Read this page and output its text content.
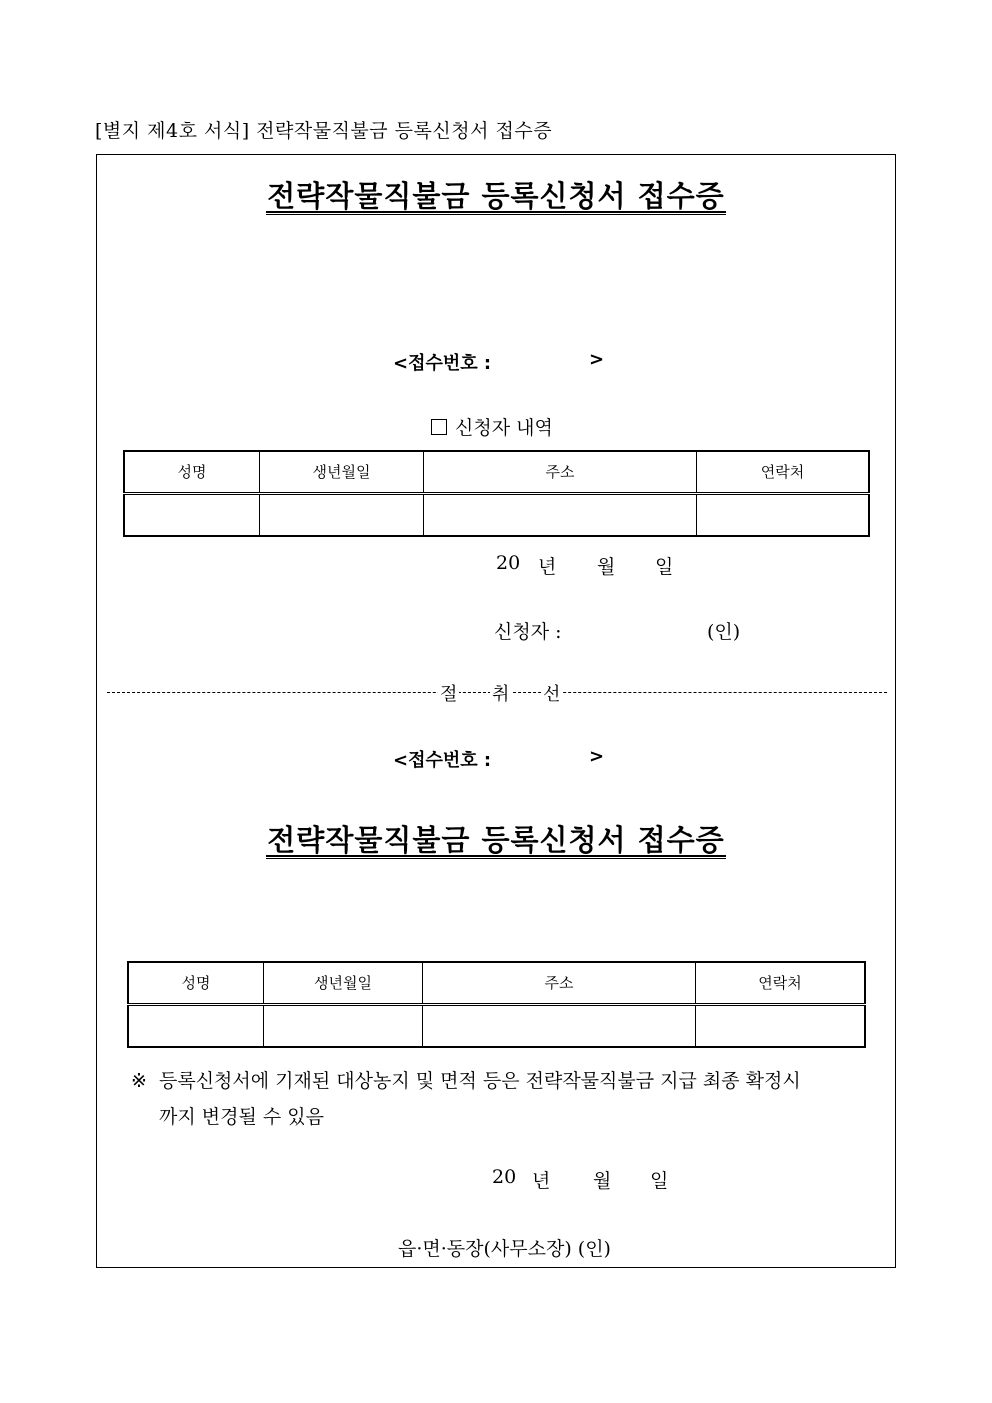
[별지 제4호 서식] 전략작물직불금 등록신청서 접수증
전략작물직불금 등록신청서 접수증
<접수번호 :	>
신청자 내역
성명	생년월일	주소	연락처

20 년 월 일
신청자 :	(인)
절 취 선
<접수번호 :	>
전략작물직불금 등록신청서 접수증
성명	생년월일	주소	연락처

※ 등록신청서에 기재된 대상농지 및 면적 등은 전략작물직불금 지급 최종 확정시
까지 변경될 수 있음
20 년 월 일
읍·면·동장(사무소장) (인)
